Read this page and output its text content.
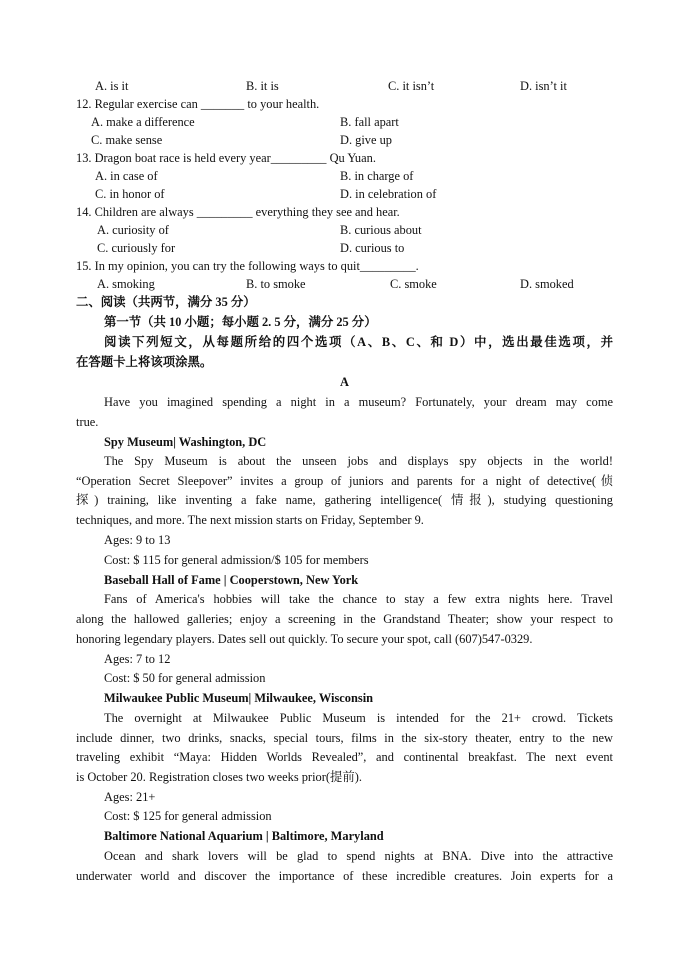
A. is it	B. it is	C. it isn’t	D. isn’t it
12. Regular exercise can _______ to your health.
A. make a difference	B. fall apart
C. make sense	D. give up
13. Dragon boat race is held every year_________ Qu Yuan.
A. in case of	B. in charge of
C. in honor of	D. in celebration of
14. Children are always _________ everything they see and hear.
A. curiosity of	B. curious about
C. curiously for	D. curious to
15. In my opinion, you can try the following ways to quit_________.
A. smoking	B. to smoke	C. smoke	D. smoked
二、阅读（共两节，满分 35 分）
第一节（共 10 小题；每小题 2. 5 分，满分 25 分）
阅读下列短文，从每题所给的四个选项（A、B、C、和 D）中，选出最佳选项，并
在答题卡上将该项涂黑。
A
Have you imagined spending a night in a museum? Fortunately, your dream may come
true.
Spy Museum| Washington, DC
The Spy Museum is about the unseen jobs and displays spy objects in the world!
“Operation Secret Sleepover” invites a group of juniors and parents for a night of detective(侦
探) training, like inventing a fake name, gathering intelligence( 情报), studying questioning
techniques, and more. The next mission starts on Friday, September 9.
Ages: 9 to 13
Cost: $ 115 for general admission/$ 105 for members
Baseball Hall of Fame | Cooperstown, New York
Fans of America's hobbies will take the chance to stay a few extra nights here. Travel
along the hallowed galleries; enjoy a screening in the Grandstand Theater; show your respect to
honoring legendary players. Dates sell out quickly. To secure your spot, call (607)547-0329.
Ages: 7 to 12
Cost: $ 50 for general admission
Milwaukee Public Museum| Milwaukee, Wisconsin
The overnight at Milwaukee Public Museum is intended for the 21+ crowd. Tickets
include dinner, two drinks, snacks, special tours, films in the six-story theater, entry to the new
traveling exhibit “Maya: Hidden Worlds Revealed”, and continental breakfast. The next event
is October 20. Registration closes two weeks prior(提前).
Ages: 21+
Cost: $ 125 for general admission
Baltimore National Aquarium | Baltimore, Maryland
Ocean and shark lovers will be glad to spend nights at BNA. Dive into the attractive
underwater world and discover the importance of these incredible creatures. Join experts for a
